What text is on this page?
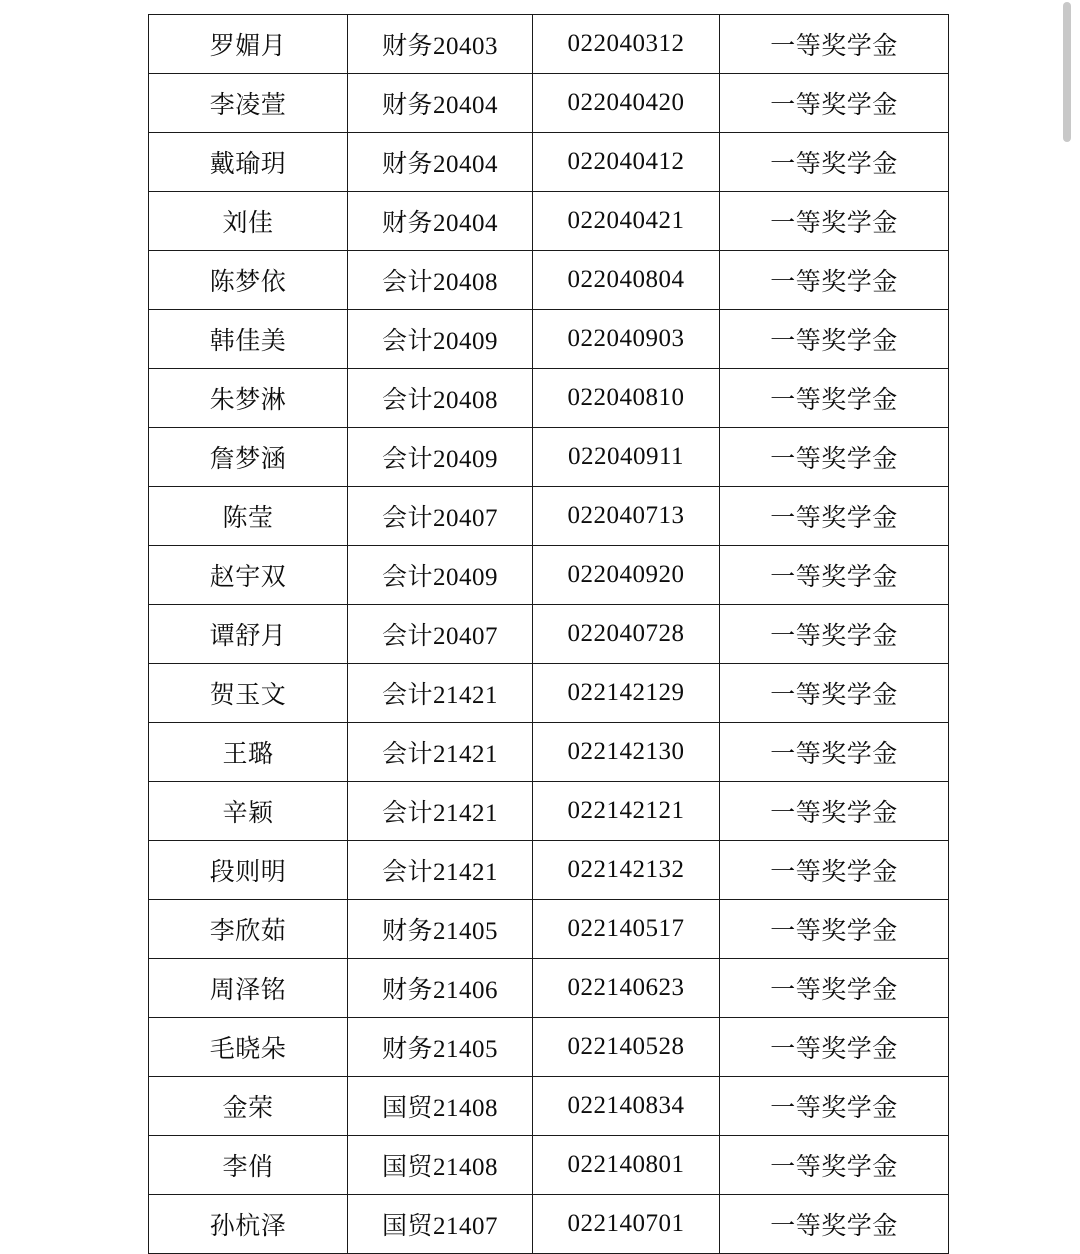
罗媚月	财务20403	022040312	一等奖学金
李凌萱	财务20404	022040420	一等奖学金
戴瑜玥	财务20404	022040412	一等奖学金
刘佳	财务20404	022040421	一等奖学金
陈梦依	会计20408	022040804	一等奖学金
韩佳美	会计20409	022040903	一等奖学金
朱梦淋	会计20408	022040810	一等奖学金
詹梦涵	会计20409	022040911	一等奖学金
陈莹	会计20407	022040713	一等奖学金
赵宇双	会计20409	022040920	一等奖学金
谭舒月	会计20407	022040728	一等奖学金
贺玉文	会计21421	022142129	一等奖学金
王璐	会计21421	022142130	一等奖学金
辛颖	会计21421	022142121	一等奖学金
段则明	会计21421	022142132	一等奖学金
李欣茹	财务21405	022140517	一等奖学金
周泽铭	财务21406	022140623	一等奖学金
毛晓朵	财务21405	022140528	一等奖学金
金荣	国贸21408	022140834	一等奖学金
李俏	国贸21408	022140801	一等奖学金
孙杭泽	国贸21407	022140701	一等奖学金
